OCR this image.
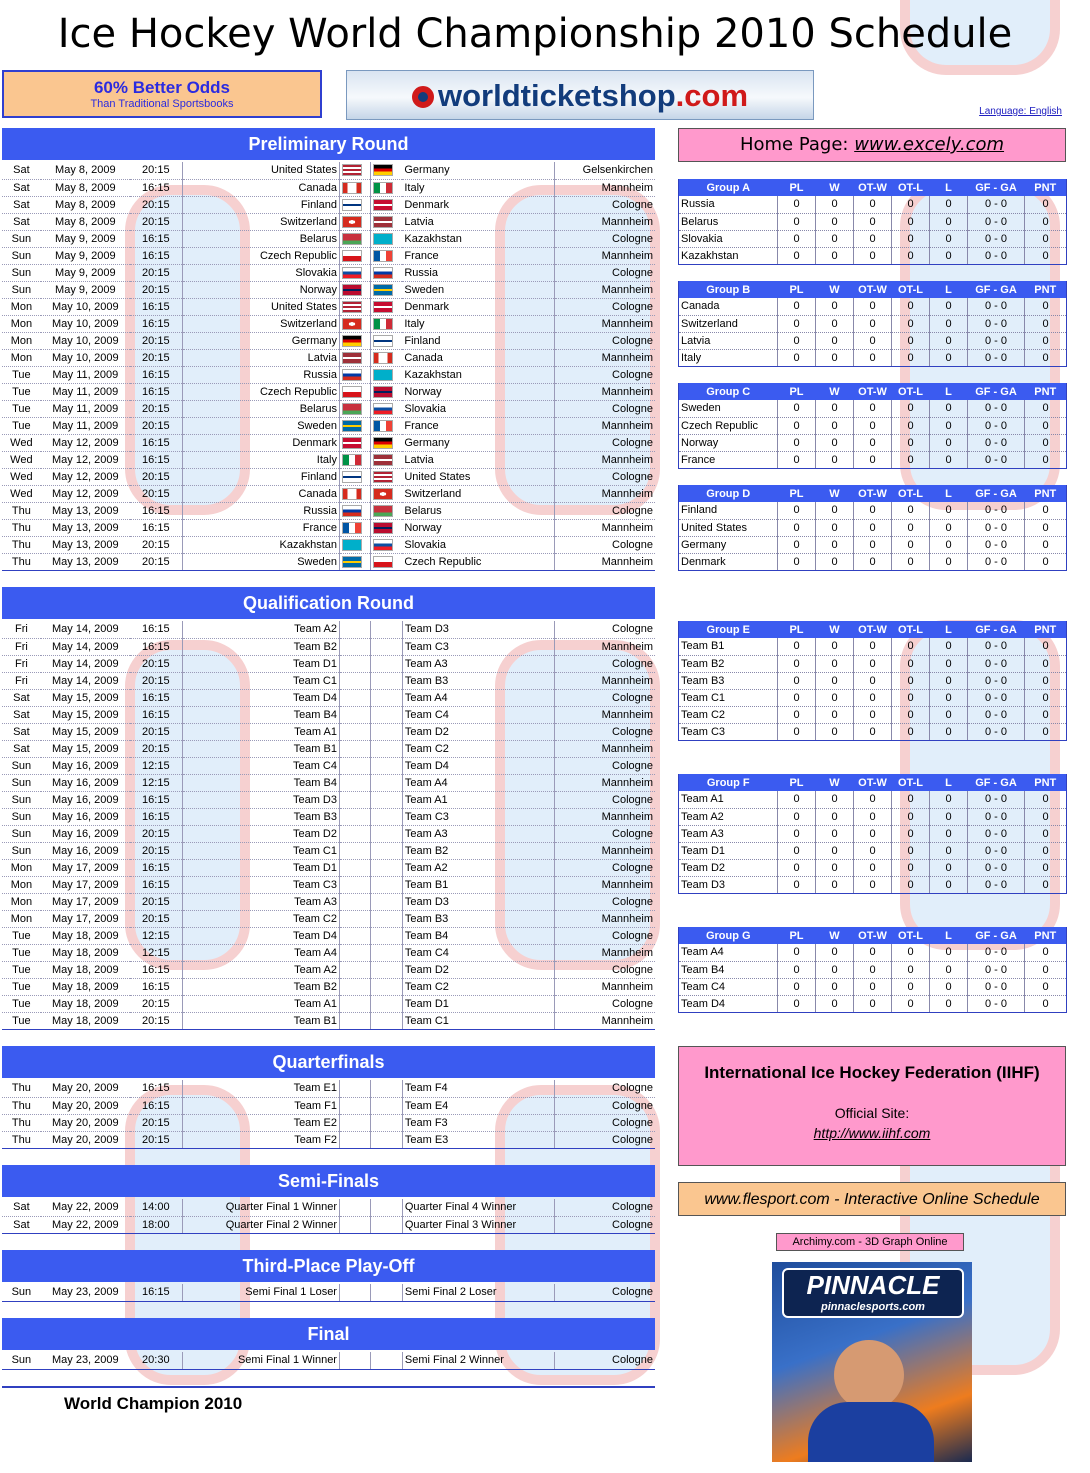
Ice Hockey World Championship 2010 Schedule
60% Better Odds
Than Traditional Sportsbooks	worldticketshop.com	Language: English
Preliminary Round
Sat	May 8, 2009	20:15	United States			Germany	Gelsenkirchen
Sat	May 8, 2009	16:15	Canada			Italy	Mannheim
Sat	May 8, 2009	20:15	Finland			Denmark	Cologne
Sat	May 8, 2009	20:15	Switzerland			Latvia	Mannheim
Sun	May 9, 2009	16:15	Belarus			Kazakhstan	Cologne
Sun	May 9, 2009	16:15	Czech Republic			France	Mannheim
Sun	May 9, 2009	20:15	Slovakia			Russia	Cologne
Sun	May 9, 2009	20:15	Norway			Sweden	Mannheim
Mon	May 10, 2009	16:15	United States			Denmark	Cologne
Mon	May 10, 2009	16:15	Switzerland			Italy	Mannheim
Mon	May 10, 2009	20:15	Germany			Finland	Cologne
Mon	May 10, 2009	20:15	Latvia			Canada	Mannheim
Tue	May 11, 2009	16:15	Russia			Kazakhstan	Cologne
Tue	May 11, 2009	16:15	Czech Republic			Norway	Mannheim
Tue	May 11, 2009	20:15	Belarus			Slovakia	Cologne
Tue	May 11, 2009	20:15	Sweden			France	Mannheim
Wed	May 12, 2009	16:15	Denmark			Germany	Cologne
Wed	May 12, 2009	16:15	Italy			Latvia	Mannheim
Wed	May 12, 2009	20:15	Finland			United States	Cologne
Wed	May 12, 2009	20:15	Canada			Switzerland	Mannheim
Thu	May 13, 2009	16:15	Russia			Belarus	Cologne
Thu	May 13, 2009	16:15	France			Norway	Mannheim
Thu	May 13, 2009	20:15	Kazakhstan			Slovakia	Cologne
Thu	May 13, 2009	20:15	Sweden			Czech Republic	Mannheim
Qualification Round
Fri	May 14, 2009	16:15	Team A2			Team D3	Cologne
Fri	May 14, 2009	16:15	Team B2			Team C3	Mannheim
Fri	May 14, 2009	20:15	Team D1			Team A3	Cologne
Fri	May 14, 2009	20:15	Team C1			Team B3	Mannheim
Sat	May 15, 2009	16:15	Team D4			Team A4	Cologne
Sat	May 15, 2009	16:15	Team B4			Team C4	Mannheim
Sat	May 15, 2009	20:15	Team A1			Team D2	Cologne
Sat	May 15, 2009	20:15	Team B1			Team C2	Mannheim
Sun	May 16, 2009	12:15	Team C4			Team D4	Cologne
Sun	May 16, 2009	12:15	Team B4			Team A4	Mannheim
Sun	May 16, 2009	16:15	Team D3			Team A1	Cologne
Sun	May 16, 2009	16:15	Team B3			Team C3	Mannheim
Sun	May 16, 2009	20:15	Team D2			Team A3	Cologne
Sun	May 16, 2009	20:15	Team C1			Team B2	Mannheim
Mon	May 17, 2009	16:15	Team D1			Team A2	Cologne
Mon	May 17, 2009	16:15	Team C3			Team B1	Mannheim
Mon	May 17, 2009	20:15	Team A3			Team D3	Cologne
Mon	May 17, 2009	20:15	Team C2			Team B3	Mannheim
Tue	May 18, 2009	12:15	Team D4			Team B4	Cologne
Tue	May 18, 2009	12:15	Team A4			Team C4	Mannheim
Tue	May 18, 2009	16:15	Team A2			Team D2	Cologne
Tue	May 18, 2009	16:15	Team B2			Team C2	Mannheim
Tue	May 18, 2009	20:15	Team A1			Team D1	Cologne
Tue	May 18, 2009	20:15	Team B1			Team C1	Mannheim
Quarterfinals
Thu	May 20, 2009	16:15	Team E1			Team F4	Cologne
Thu	May 20, 2009	16:15	Team F1			Team E4	Cologne
Thu	May 20, 2009	20:15	Team E2			Team F3	Cologne
Thu	May 20, 2009	20:15	Team F2			Team E3	Cologne
Semi-Finals
Sat	May 22, 2009	14:00	Quarter Final 1 Winner			Quarter Final 4 Winner	Cologne
Sat	May 22, 2009	18:00	Quarter Final 2 Winner			Quarter Final 3 Winner	Cologne
Third-Place Play-Off
Sun	May 23, 2009	16:15	Semi Final 1 Loser			Semi Final 2 Loser	Cologne
Final
Sun	May 23, 2009	20:30	Semi Final 1 Winner			Semi Final 2 Winner	Cologne
Home Page: www.excely.com
Group A	PL	W	OT-W	OT-L	L	GF - GA	PNT
Russia	0	0	0	0	0	0 - 0	0
Belarus	0	0	0	0	0	0 - 0	0
Slovakia	0	0	0	0	0	0 - 0	0
Kazakhstan	0	0	0	0	0	0 - 0	0
Group B	PL	W	OT-W	OT-L	L	GF - GA	PNT
Canada	0	0	0	0	0	0 - 0	0
Switzerland	0	0	0	0	0	0 - 0	0
Latvia	0	0	0	0	0	0 - 0	0
Italy	0	0	0	0	0	0 - 0	0
Group C	PL	W	OT-W	OT-L	L	GF - GA	PNT
Sweden	0	0	0	0	0	0 - 0	0
Czech Republic	0	0	0	0	0	0 - 0	0
Norway	0	0	0	0	0	0 - 0	0
France	0	0	0	0	0	0 - 0	0
Group D	PL	W	OT-W	OT-L	L	GF - GA	PNT
Finland	0	0	0	0	0	0 - 0	0
United States	0	0	0	0	0	0 - 0	0
Germany	0	0	0	0	0	0 - 0	0
Denmark	0	0	0	0	0	0 - 0	0
Group E	PL	W	OT-W	OT-L	L	GF - GA	PNT
Team B1	0	0	0	0	0	0 - 0	0
Team B2	0	0	0	0	0	0 - 0	0
Team B3	0	0	0	0	0	0 - 0	0
Team C1	0	0	0	0	0	0 - 0	0
Team C2	0	0	0	0	0	0 - 0	0
Team C3	0	0	0	0	0	0 - 0	0
Group F	PL	W	OT-W	OT-L	L	GF - GA	PNT
Team A1	0	0	0	0	0	0 - 0	0
Team A2	0	0	0	0	0	0 - 0	0
Team A3	0	0	0	0	0	0 - 0	0
Team D1	0	0	0	0	0	0 - 0	0
Team D2	0	0	0	0	0	0 - 0	0
Team D3	0	0	0	0	0	0 - 0	0
Group G	PL	W	OT-W	OT-L	L	GF - GA	PNT
Team A4	0	0	0	0	0	0 - 0	0
Team B4	0	0	0	0	0	0 - 0	0
Team C4	0	0	0	0	0	0 - 0	0
Team D4	0	0	0	0	0	0 - 0	0
International Ice Hockey Federation (IIHF)
Official Site:
http://www.iihf.com
www.flesport.com - Interactive Online Schedule
Archimy.com - 3D Graph Online
PINNACLE
pinnaclesports.com
World Champion 2010
